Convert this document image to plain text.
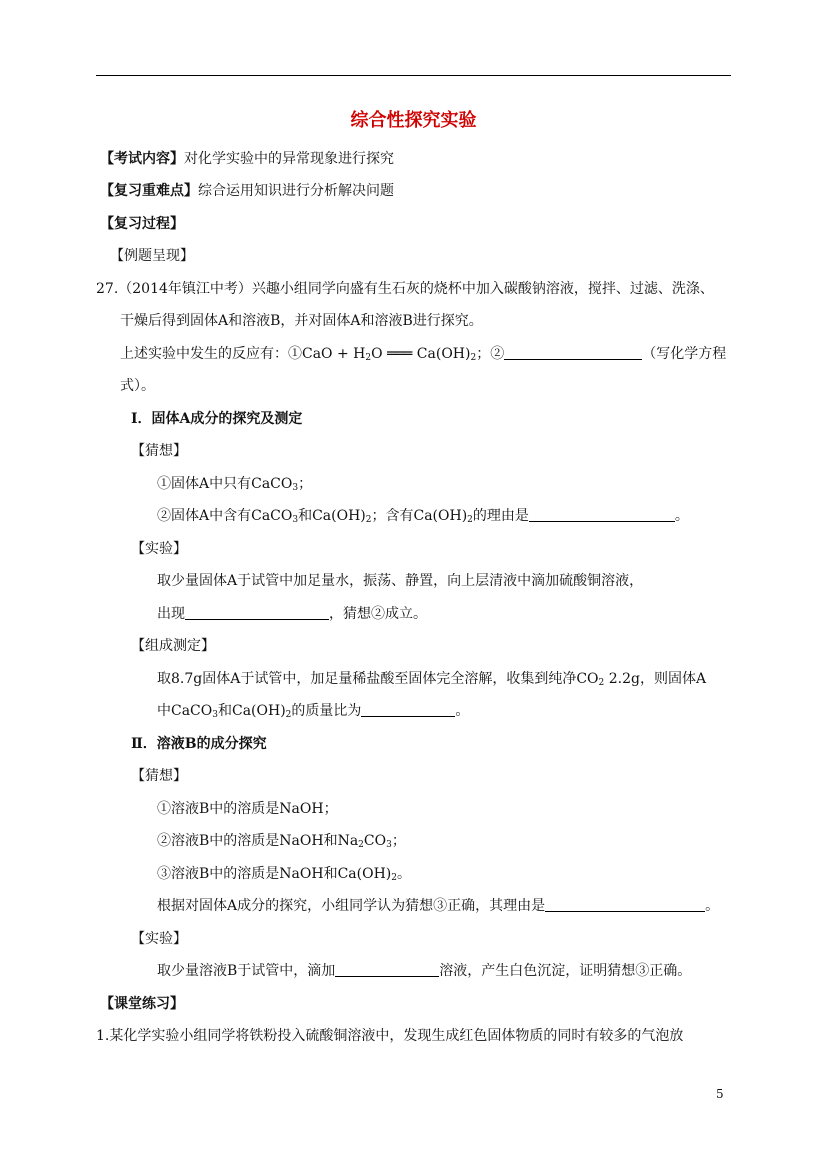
综合性探究实验
【考试内容】对化学实验中的异常现象进行探究
【复习重难点】综合运用知识进行分析解决问题
【复习过程】
【例题呈现】
27.（2014年镇江中考）兴趣小组同学向盛有生石灰的烧杯中加入碳酸钠溶液，搅拌、过滤、洗涤、
干燥后得到固体A和溶液B，并对固体A和溶液B进行探究。
上述实验中发生的反应有：①CaO + $H_2O$ ═══ $Ca(OH)_2$；②	（写化学方程
式）。
Ⅰ．固体A成分的探究及测定
【猜想】
①固体A中只有CaCO$_3$；
②固体A中含有CaCO$_3$和$Ca(OH)_2$；含有$Ca(OH)_2$的理由是	。
【实验】
取少量固体A于试管中加足量水，振荡、静置，向上层清液中滴加硫酸铜溶液，
出现	，猜想②成立。
【组成测定】
取8.7g固体A于试管中，加足量稀盐酸至固体完全溶解，收集到纯净$CO_2$ 2.2g，则固体A
中CaCO$_3$和$Ca(OH)_2$的质量比为	。
Ⅱ．溶液B的成分探究
【猜想】
①溶液B中的溶质是NaOH；
②溶液B中的溶质是NaOH和$Na_2CO_3$；
③溶液B中的溶质是NaOH和$Ca(OH)_2$。
根据对固体A成分的探究，小组同学认为猜想③正确，其理由是	。
【实验】
取少量溶液B于试管中，滴加	溶液，产生白色沉淀，证明猜想③正确。
【课堂练习】
1.某化学实验小组同学将铁粉投入硫酸铜溶液中，发现生成红色固体物质的同时有较多的气泡放
5
